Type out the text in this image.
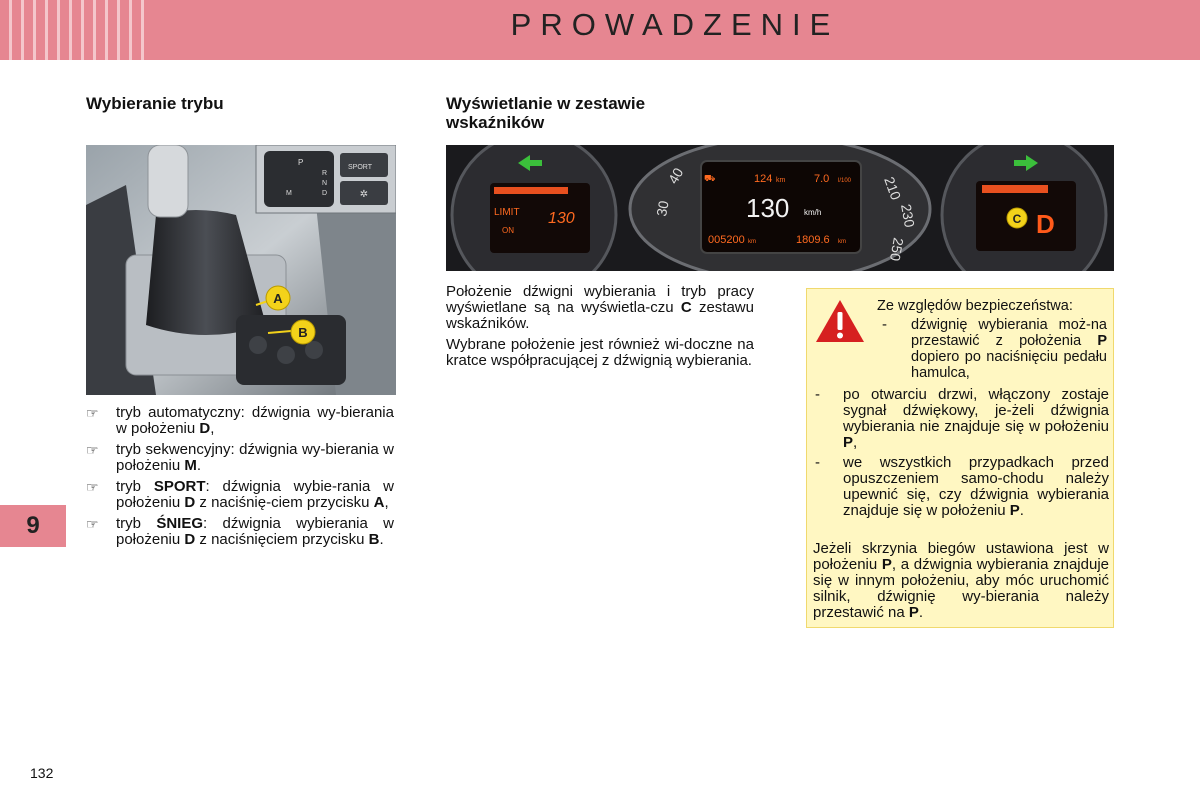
PROWADZENIE
9
132
Wybieranie trybu
P
R
N
D
M
SPORT
✲
A
B
☞ tryb automatyczny: dźwignia wy-bierania w położeniu D,
☞ tryb sekwencyjny: dźwignia wy-bierania w położeniu M.
☞ tryb SPORT: dźwignia wybie-rania w położeniu D z naciśnię-ciem przycisku A,
☞ tryb ŚNIEG: dźwignia wybierania w położeniu D z naciśnięciem przycisku B.
Wyświetlanie w zestawie wskaźników
LIMIT
ON
130
30
40	210
230
250
⛟	124 km	7.0 l/100
130 km/h
005200 km	1809.6 km
C D

Położenie dźwigni wybierania i tryb pracy wyświetlane są na wyświetla-czu C zestawu wskaźników.

Wybrane położenie jest również wi-doczne na kratce współpracującej z dźwignią wybierania.

Ze względów bezpieczeństwa:
- dźwignię wybierania moż-na przestawić z położenia P dopiero po naciśnięciu pedału hamulca,
- po otwarciu drzwi, włączony zostaje sygnał dźwiękowy, je-żeli dźwignia wybierania nie znajduje się w położeniu P,
- we wszystkich przypadkach przed opuszczeniem samo-chodu należy upewnić się, czy dźwignia wybierania znajduje się w położeniu P.
Jeżeli skrzynia biegów ustawiona jest w położeniu P, a dźwignia wybierania znajduje się w innym położeniu, aby móc uruchomić silnik, dźwignię wy-bierania należy przestawić na P.
